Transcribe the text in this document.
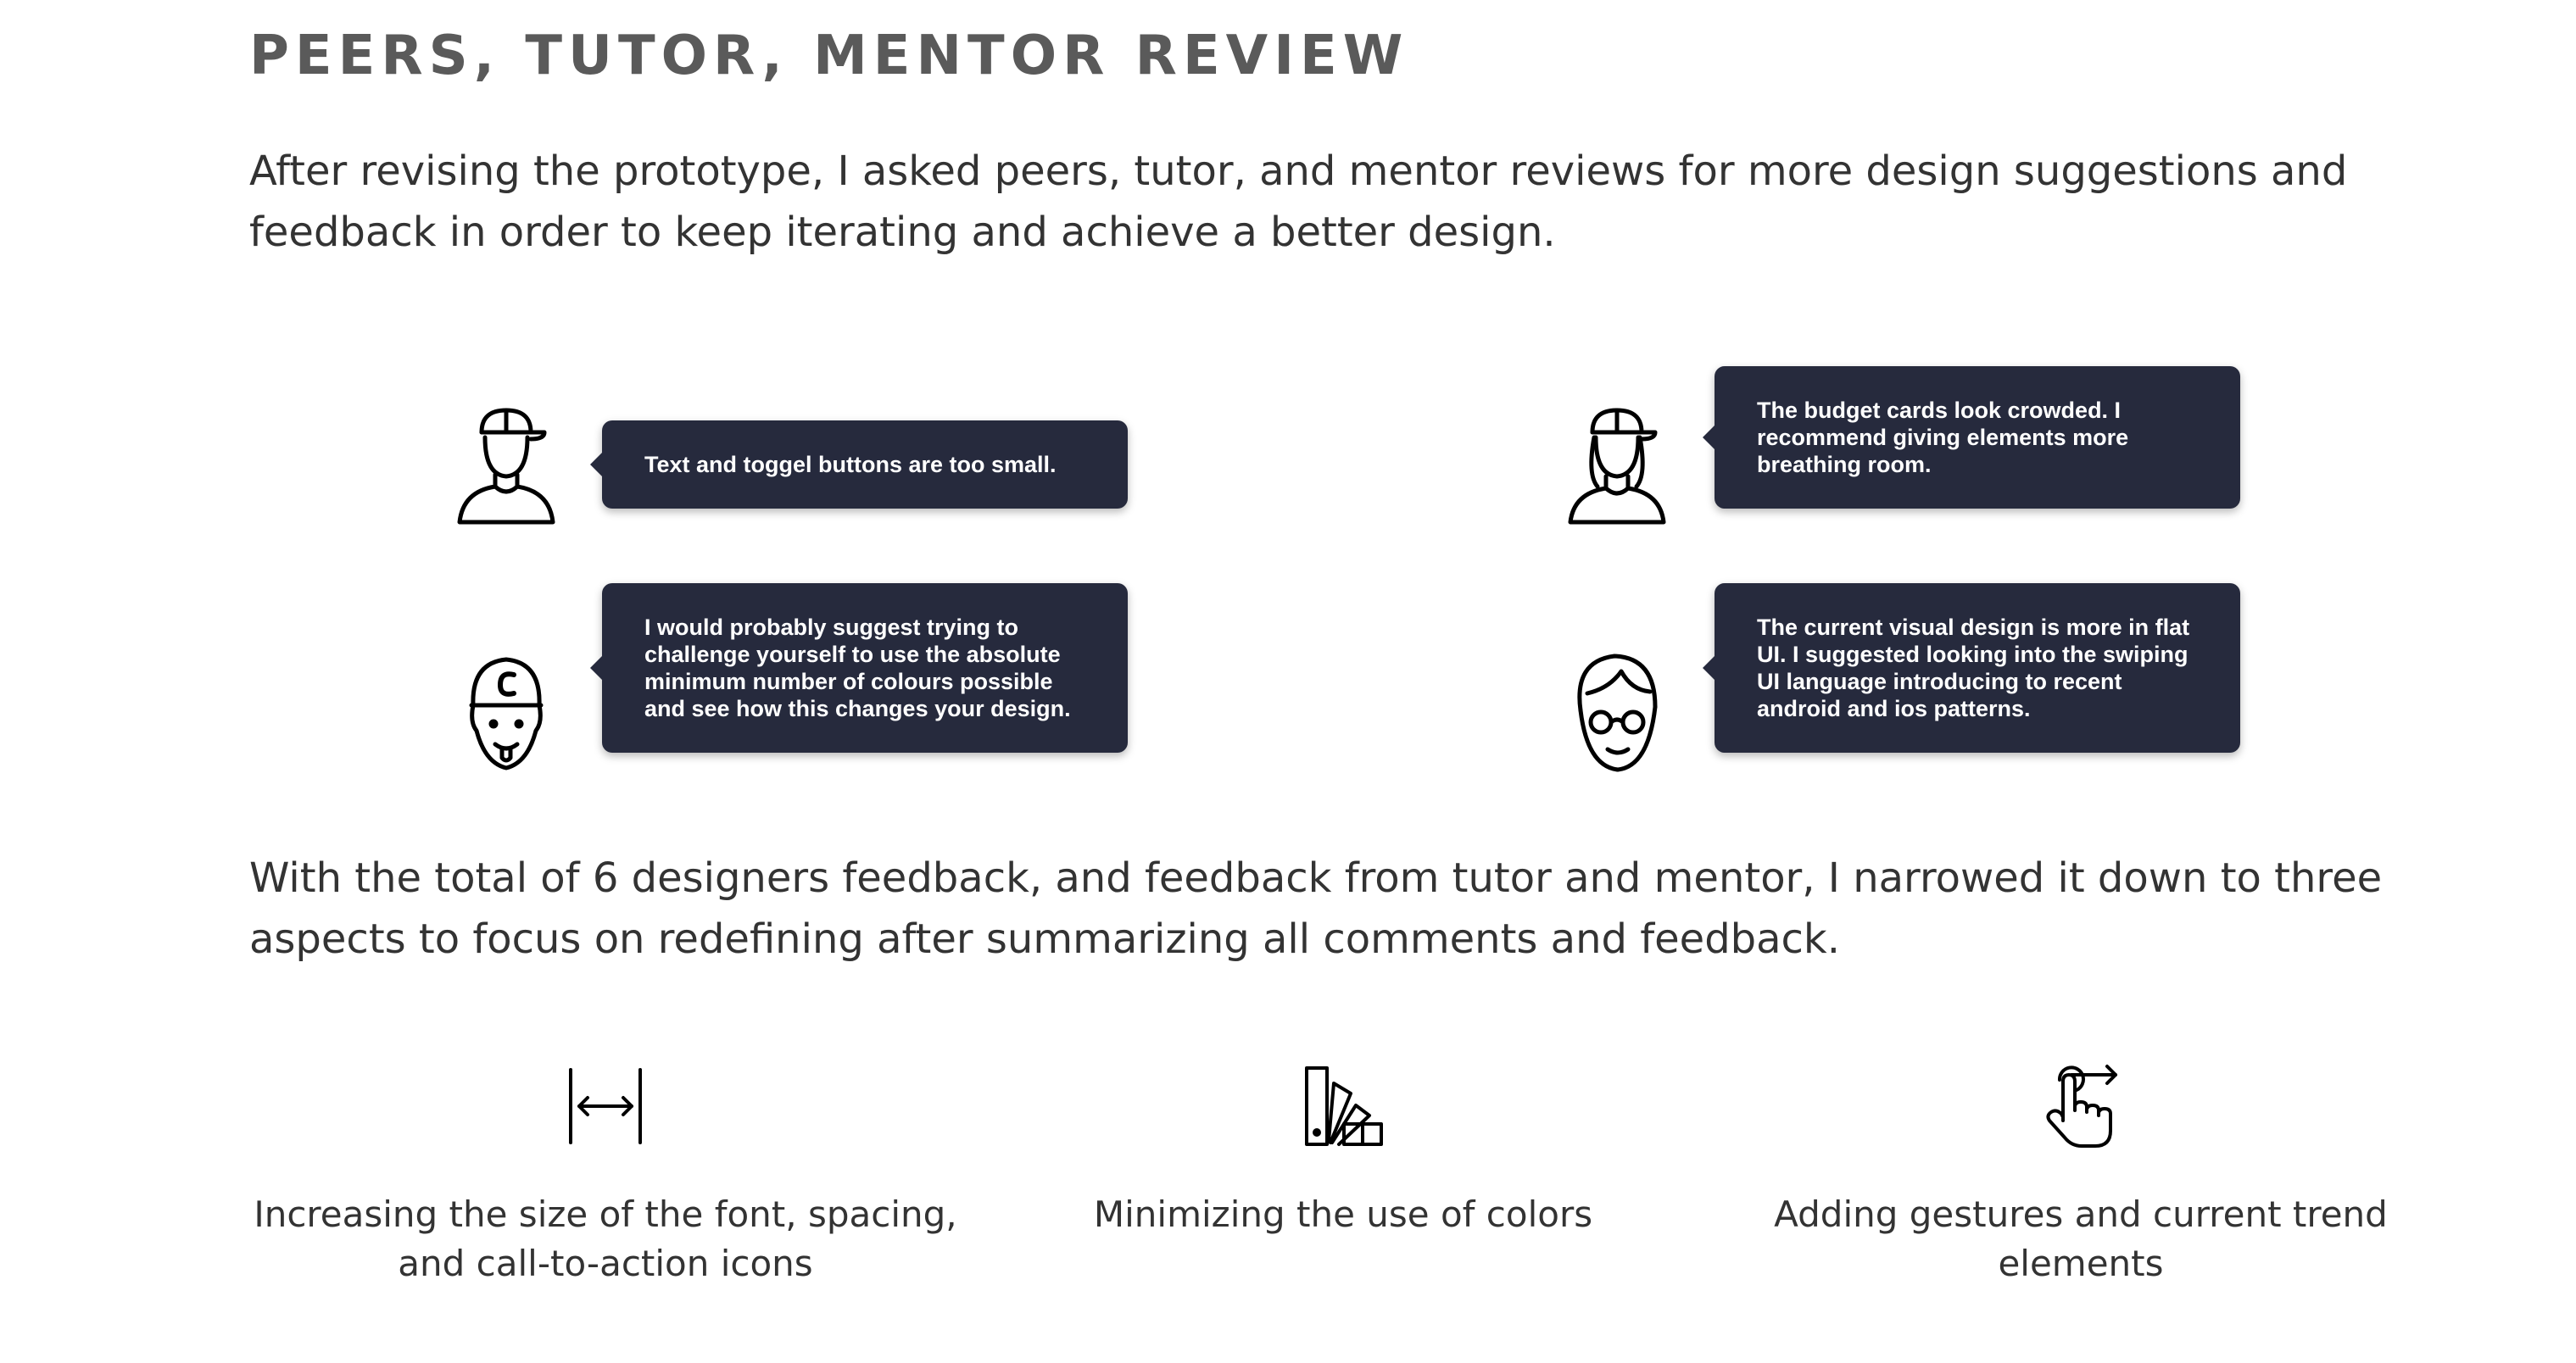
PEERS, TUTOR, MENTOR REVIEW

After revising the prototype, I asked peers, tutor, and mentor reviews for more design suggestions and
feedback in order to keep iterating and achieve a better design.

Text and toggel buttons are too small.
The budget cards look crowded. I recommend giving elements more breathing room.
I would probably suggest trying to challenge yourself to use the absolute minimum number of colours possible and see how this changes your design.
The current visual design is more in flat UI. I suggested looking into the swiping UI language introducing to recent android and ios patterns.

With the total of 6 designers feedback, and feedback from tutor and mentor, I narrowed it down to three
aspects to focus on redefining after summarizing all comments and feedback.

Increasing the size of the font, spacing,
and call-to-action icons
Minimizing the use of colors	Adding gestures and current trend
elements
